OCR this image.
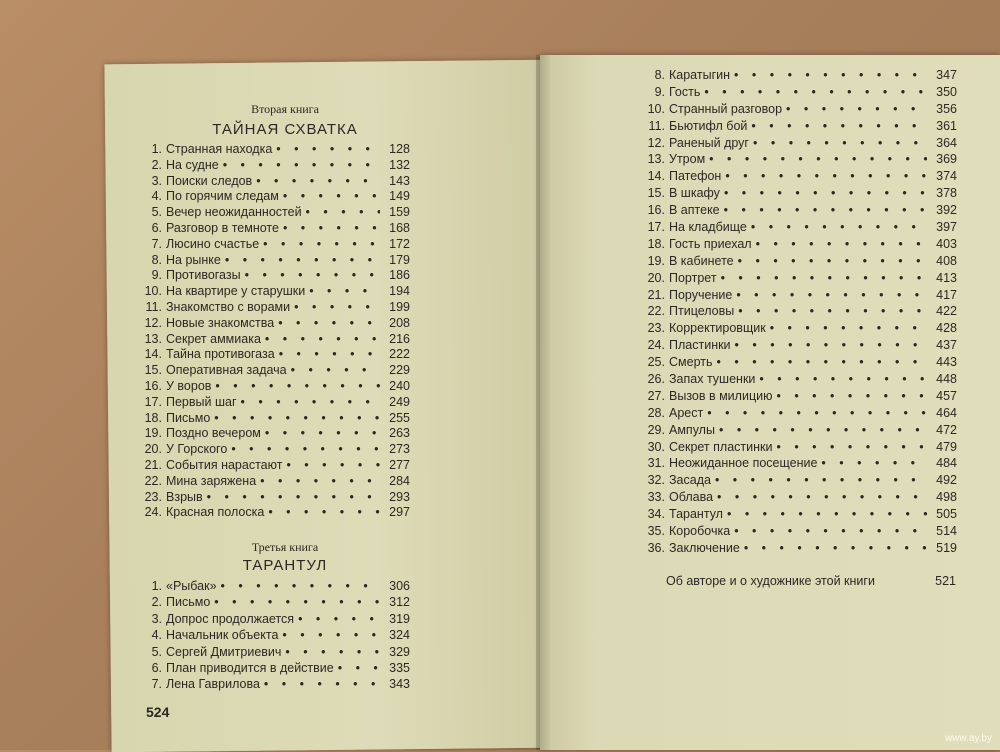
Вторая книга
ТАЙНАЯ СХВАТКА
1. Странная находка • • •	128
2. На судне • • •	132
3. Поиски следов • • •	143
4. По горячим следам • • •	149
5. Вечер неожиданностей • • •	159
6. Разговор в темноте • • •	168
7. Люсино счастье • • •	172
8. На рынке • • •	179
9. Противогазы • • •	186
10. На квартире у старушки • • •	194
11. Знакомство с ворами • • •	199
12. Новые знакомства • • •	208
13. Секрет аммиака • • •	216
14. Тайна противогаза • • •	222
15. Оперативная задача • • •	229
16. У воров • • •	240
17. Первый шаг • • •	249
18. Письмо • • •	255
19. Поздно вечером • • •	263
20. У Горского • • •	273
21. События нарастают • • •	277
22. Мина заряжена • • •	284
23. Взрыв • • •	293
24. Красная полоска • • •	297
Третья книга
ТАРАНТУЛ
1. «Рыбак» • • •	306
2. Письмо • • •	312
3. Допрос продолжается • • •	319
4. Начальник объекта • • •	324
5. Сергей Дмитриевич • • •	329
6. План приводится в действие • • •	335
7. Лена Гаврилова • • •	343
524
8. Каратыгин • • •	347
9. Гость • • •	350
10. Странный разговор • • •	356
11. Бьютифл бой • • •	361
12. Раненый друг • • •	364
13. Утром • • •	369
14. Патефон • • •	374
15. В шкафу • • •	378
16. В аптеке • • •	392
17. На кладбище • • •	397
18. Гость приехал • • •	403
19. В кабинете • • •	408
20. Портрет • • •	413
21. Поручение • • •	417
22. Птицеловы • • •	422
23. Корректировщик • • •	428
24. Пластинки • • •	437
25. Смерть • • •	443
26. Запах тушенки • • •	448
27. Вызов в милицию • • •	457
28. Арест • • •	464
29. Ампулы • • •	472
30. Секрет пластинки • • •	479
31. Неожиданное посещение • • •	484
32. Засада • • •	492
33. Облава • • •	498
34. Тарантул • • •	505
35. Коробочка • • •	514
36. Заключение • • •	519
Об авторе и о художнике этой книги	521
www.ay.by
